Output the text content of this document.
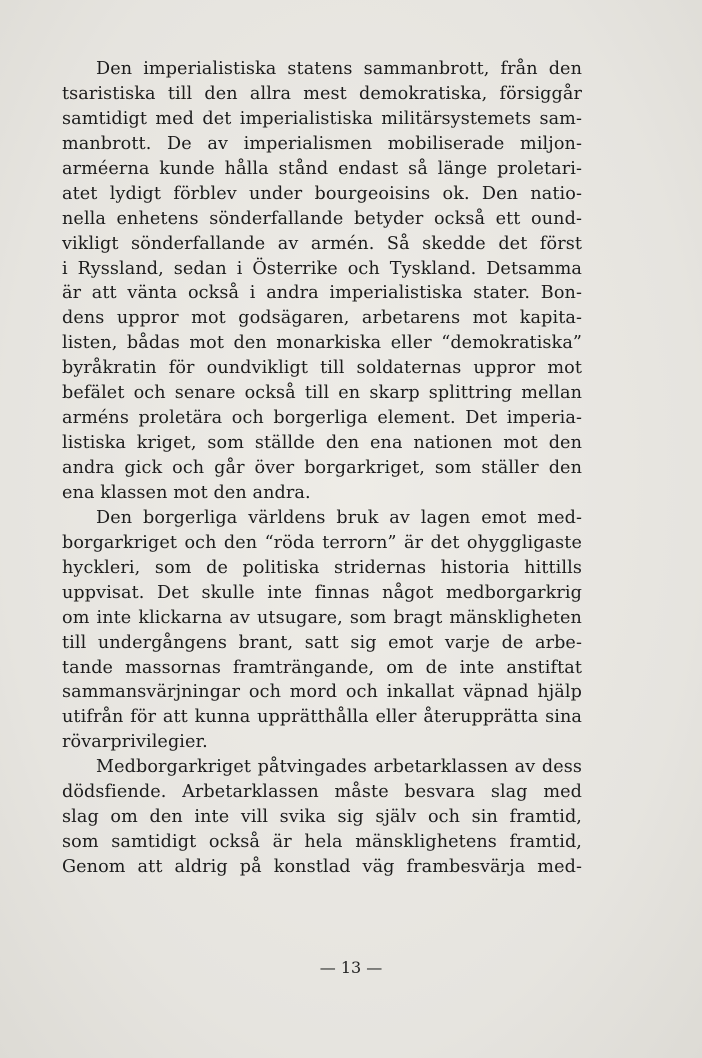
Den imperialistiska statens sammanbrott, från den
tsaristiska till den allra mest demokratiska, försiggår
samtidigt med det imperialistiska militärsystemets sam-
manbrott. De av imperialismen mobiliserade miljon-
arméerna kunde hålla stånd endast så länge proletari-
atet lydigt förblev under bourgeoisins ok. Den natio-
nella enhetens sönderfallande betyder också ett ound-
vikligt sönderfallande av armén. Så skedde det först
i Ryssland, sedan i Österrike och Tyskland. Detsamma
är att vänta också i andra imperialistiska stater. Bon-
dens uppror mot godsägaren, arbetarens mot kapita-
listen, bådas mot den monarkiska eller “demokratiska”
byråkratin för oundvikligt till soldaternas uppror mot
befälet och senare också till en skarp splittring mellan
arméns proletära och borgerliga element. Det imperia-
listiska kriget, som ställde den ena nationen mot den
andra gick och går över borgarkriget, som ställer den
ena klassen mot den andra.
Den borgerliga världens bruk av lagen emot med-
borgarkriget och den “röda terrorn” är det ohyggligaste
hyckleri, som de politiska stridernas historia hittills
uppvisat. Det skulle inte finnas något medborgarkrig
om inte klickarna av utsugare, som bragt mänskligheten
till undergångens brant, satt sig emot varje de arbe-
tande massornas framträngande, om de inte anstiftat
sammansvärjningar och mord och inkallat väpnad hjälp
utifrån för att kunna upprätthålla eller återupprätta sina
rövarprivilegier.
Medborgarkriget påtvingades arbetarklassen av dess
dödsfiende. Arbetarklassen måste besvara slag med
slag om den inte vill svika sig själv och sin framtid,
som samtidigt också är hela mänsklighetens framtid,
Genom att aldrig på konstlad väg frambesvärja med-
— 13 —
